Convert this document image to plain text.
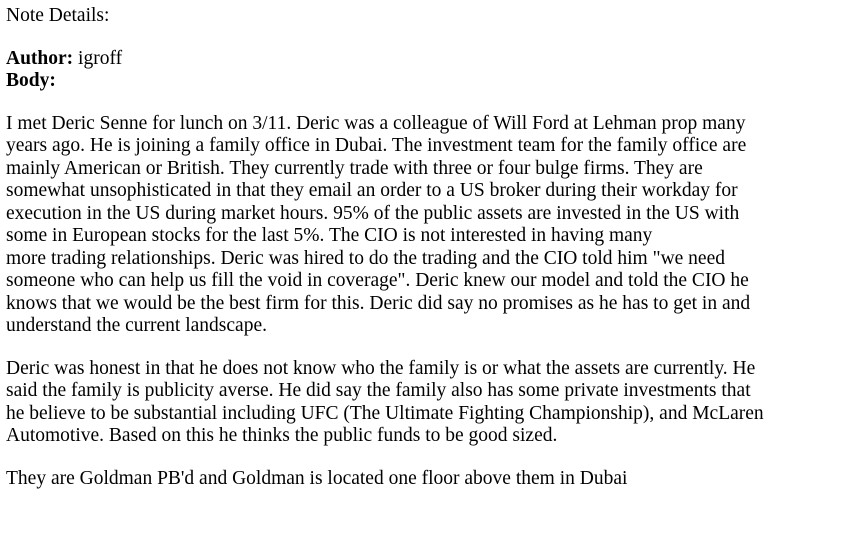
Note Details:
Author: igroff
Body:
I met Deric Senne for lunch on 3/11. Deric was a colleague of Will Ford at Lehman prop many
years ago. He is joining a family office in Dubai. The investment team for the family office are
mainly American or British. They currently trade with three or four bulge firms. They are
somewhat unsophisticated in that they email an order to a US broker during their workday for
execution in the US during market hours. 95% of the public assets are invested in the US with
some in European stocks for the last 5%. The CIO is not interested in having many
more trading relationships. Deric was hired to do the trading and the CIO told him "we need
someone who can help us fill the void in coverage". Deric knew our model and told the CIO he
knows that we would be the best firm for this. Deric did say no promises as he has to get in and
understand the current landscape.
Deric was honest in that he does not know who the family is or what the assets are currently. He
said the family is publicity averse. He did say the family also has some private investments that
he believe to be substantial including UFC (The Ultimate Fighting Championship), and McLaren
Automotive. Based on this he thinks the public funds to be good sized.
They are Goldman PB'd and Goldman is located one floor above them in Dubai
